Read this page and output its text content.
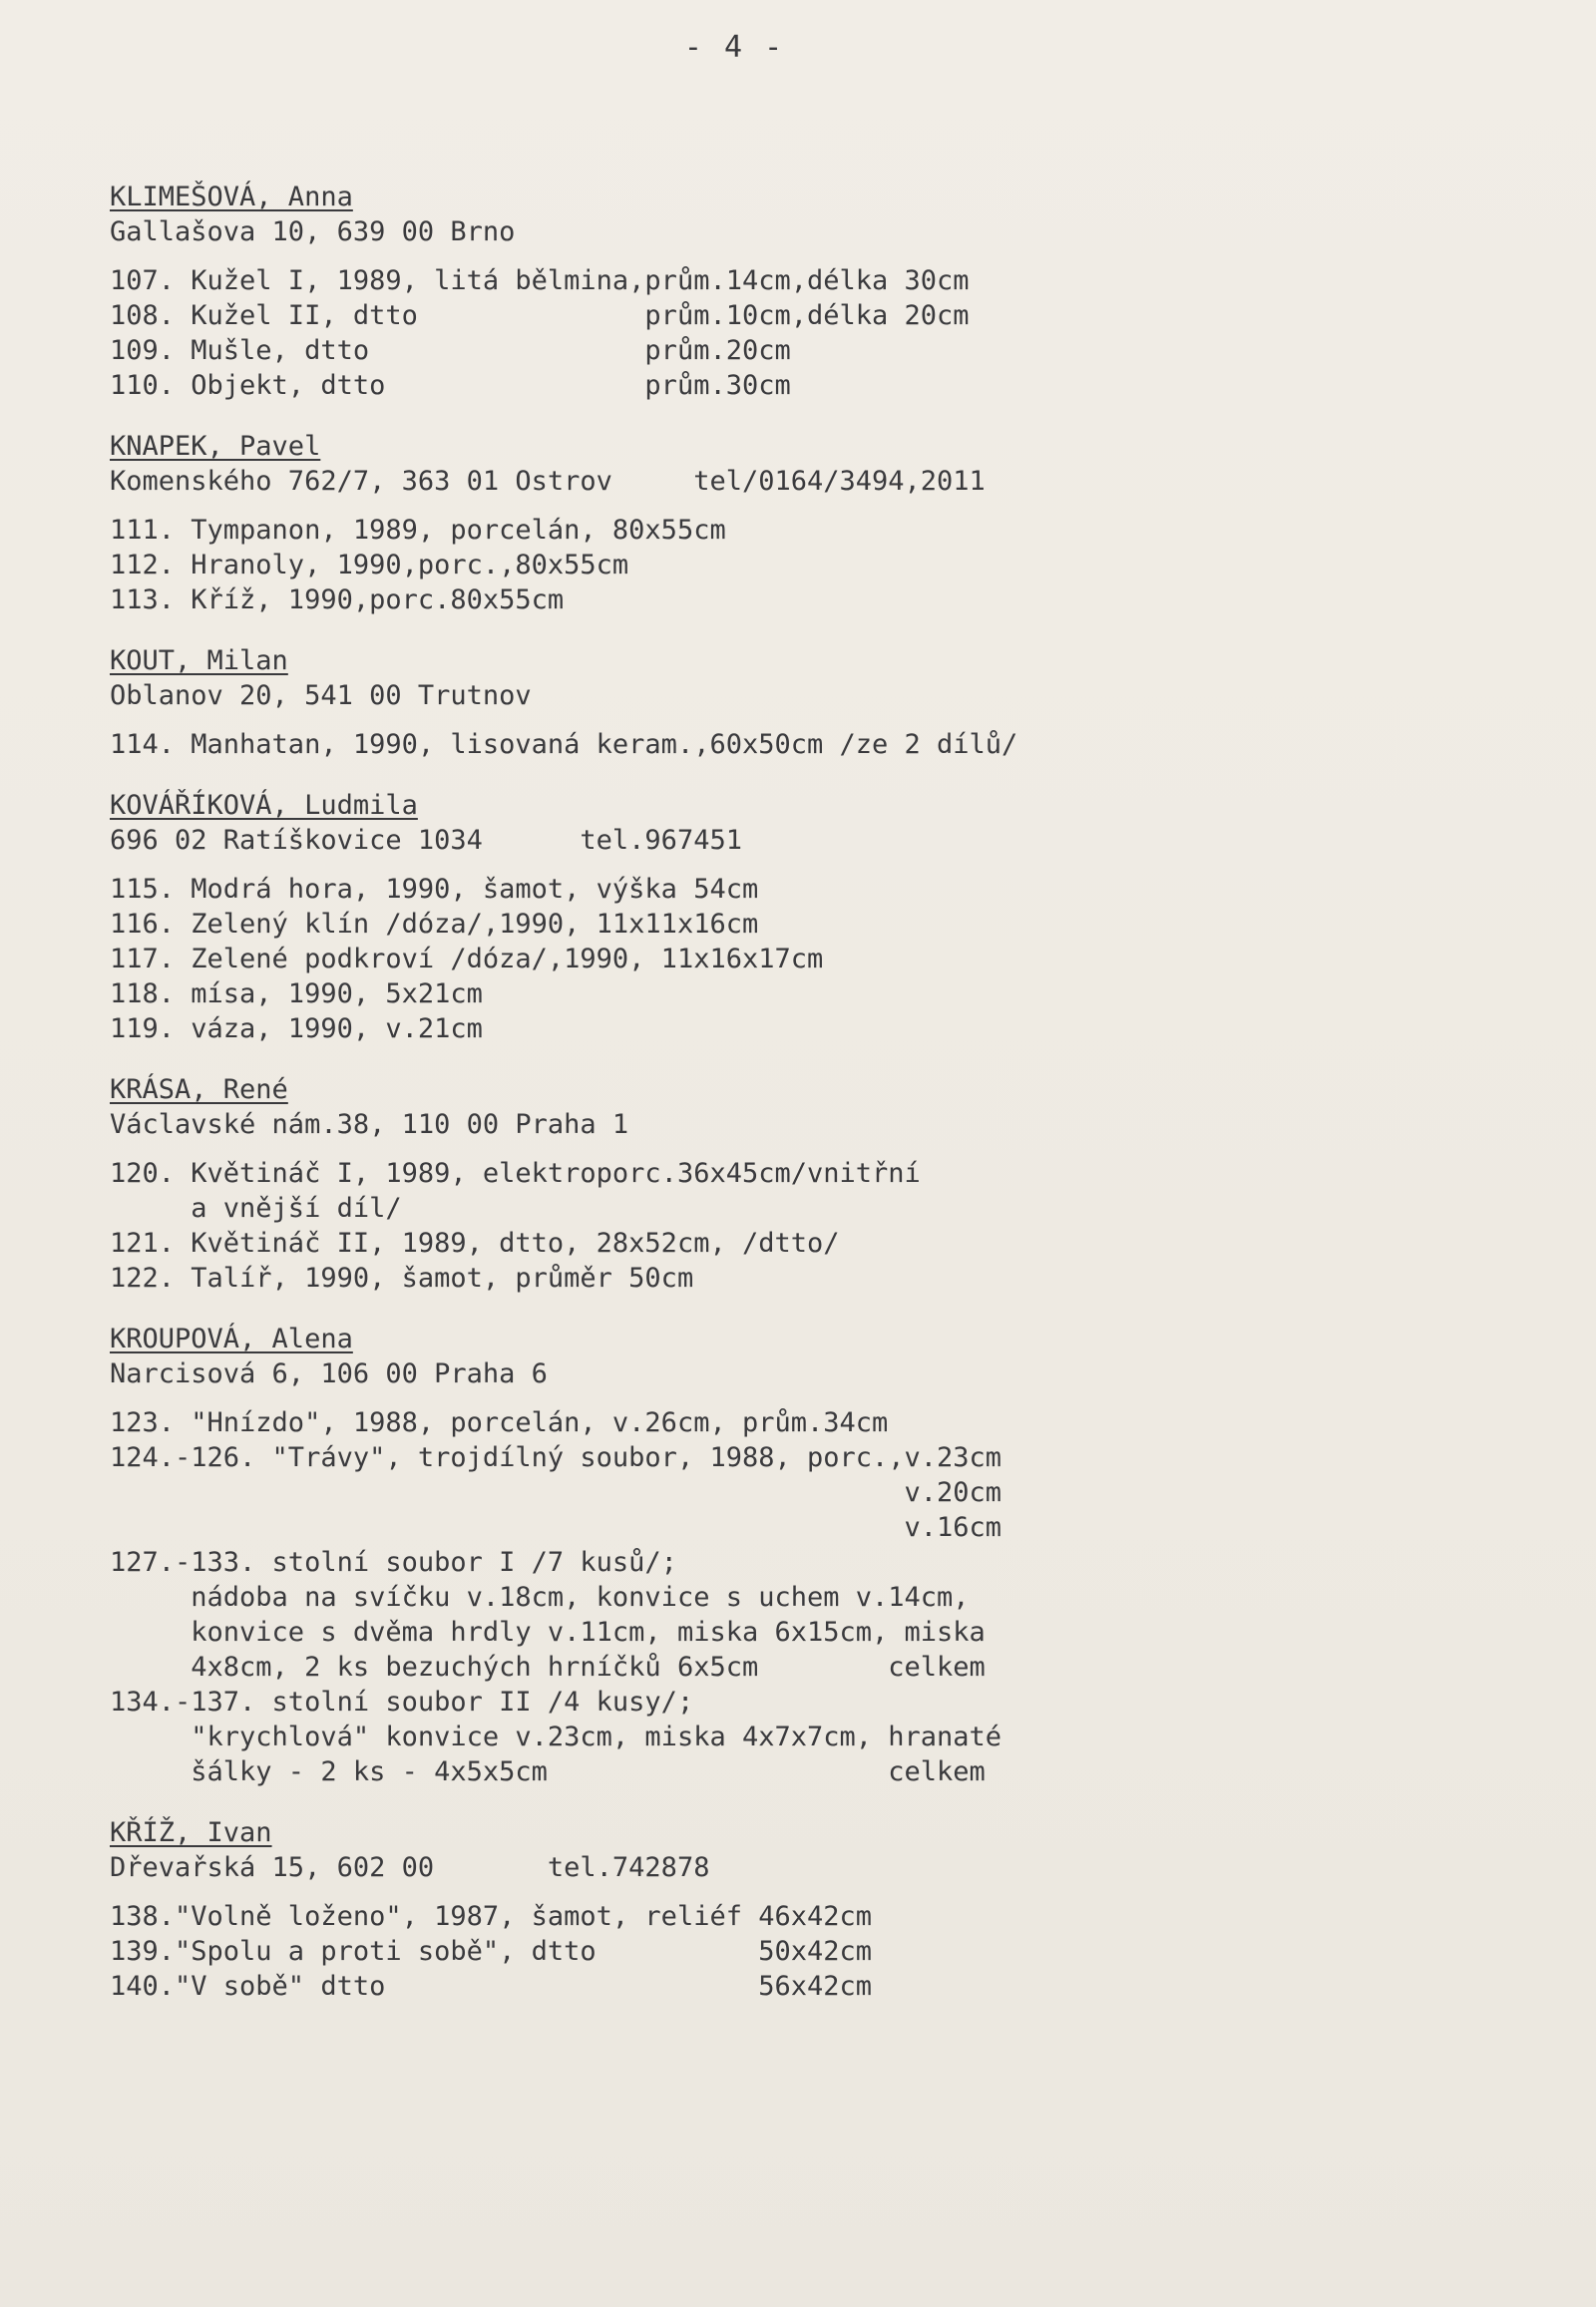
- 4 -
KLIMEŠOVÁ, Anna
Gallašova 10, 639 00 Brno
107. Kužel I, 1989, litá bělmina,prům.14cm,délka 30cm
108. Kužel II, dtto              prům.10cm,délka 20cm
109. Mušle, dtto                 prům.20cm
110. Objekt, dtto                prům.30cm
KNAPEK, Pavel
Komenského 762/7, 363 01 Ostrov     tel/0164/3494,2011
111. Tympanon, 1989, porcelán, 80x55cm
112. Hranoly, 1990,porc.,80x55cm
113. Kříž, 1990,porc.80x55cm
KOUT, Milan
Oblanov 20, 541 00 Trutnov
114. Manhatan, 1990, lisovaná keram.,60x50cm /ze 2 dílů/
KOVÁŘÍKOVÁ, Ludmila
696 02 Ratíškovice 1034      tel.967451
115. Modrá hora, 1990, šamot, výška 54cm
116. Zelený klín /dóza/,1990, 11x11x16cm
117. Zelené podkroví /dóza/,1990, 11x16x17cm
118. mísa, 1990, 5x21cm
119. váza, 1990, v.21cm
KRÁSA, René
Václavské nám.38, 110 00 Praha 1
120. Květináč I, 1989, elektroporc.36x45cm/vnitřní
a vnější díl/
121. Květináč II, 1989, dtto, 28x52cm, /dtto/
122. Talíř, 1990, šamot, průměr 50cm
KROUPOVÁ, Alena
Narcisová 6, 106 00 Praha 6
123. "Hnízdo", 1988, porcelán, v.26cm, prům.34cm
124.-126. "Trávy", trojdílný soubor, 1988, porc.,v.23cm
v.20cm
v.16cm
127.-133. stolní soubor I /7 kusů/;
nádoba na svíčku v.18cm, konvice s uchem v.14cm,
konvice s dvěma hrdly v.11cm, miska 6x15cm, miska
4x8cm, 2 ks bezuchých hrníčků 6x5cm        celkem
134.-137. stolní soubor II /4 kusy/;
"krychlová" konvice v.23cm, miska 4x7x7cm, hranaté
šálky - 2 ks - 4x5x5cm                     celkem
KŘÍŽ, Ivan
Dřevařská 15, 602 00       tel.742878
138."Volně loženo", 1987, šamot, reliéf 46x42cm
139."Spolu a proti sobě", dtto          50x42cm
140."V sobě" dtto                       56x42cm
